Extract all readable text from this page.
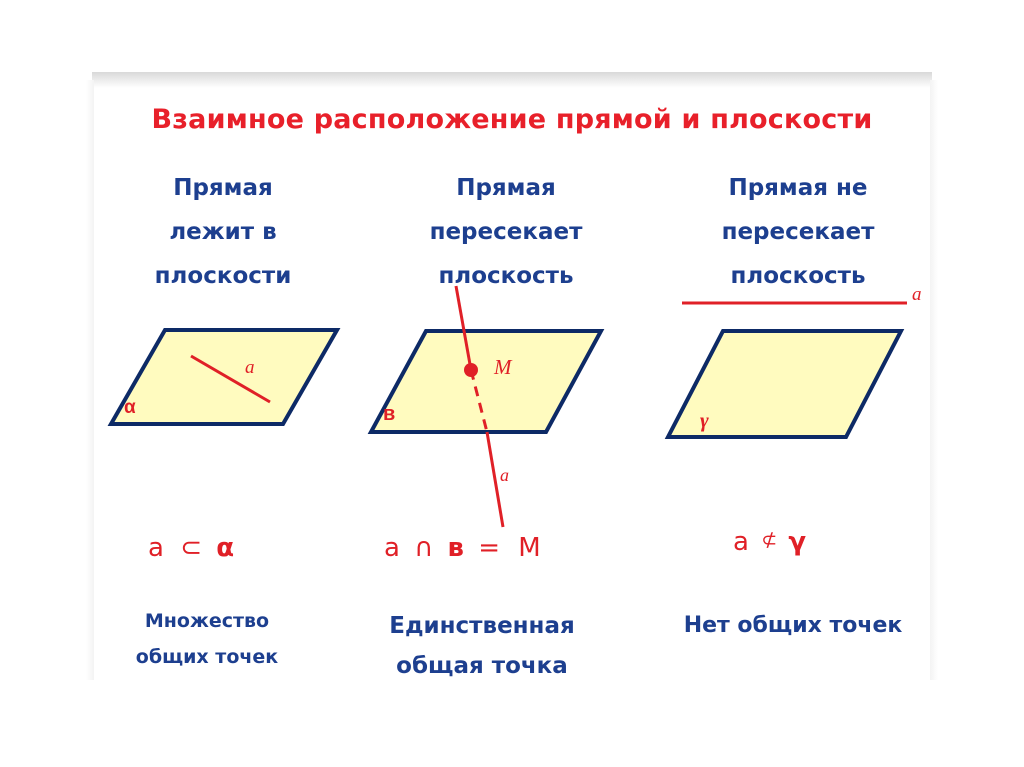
Взаимное расположение прямой и плоскости
Прямая
лежит в
плоскости
Прямая
пересекает
плоскость
Прямая не
пересекает
плоскость
a
α
M
в
a
a
γ
a ⊂ α	a ∩ в = M	a ⊄ γ
Множество
общих точек
Единственная
общая точка
Нет общих точек
